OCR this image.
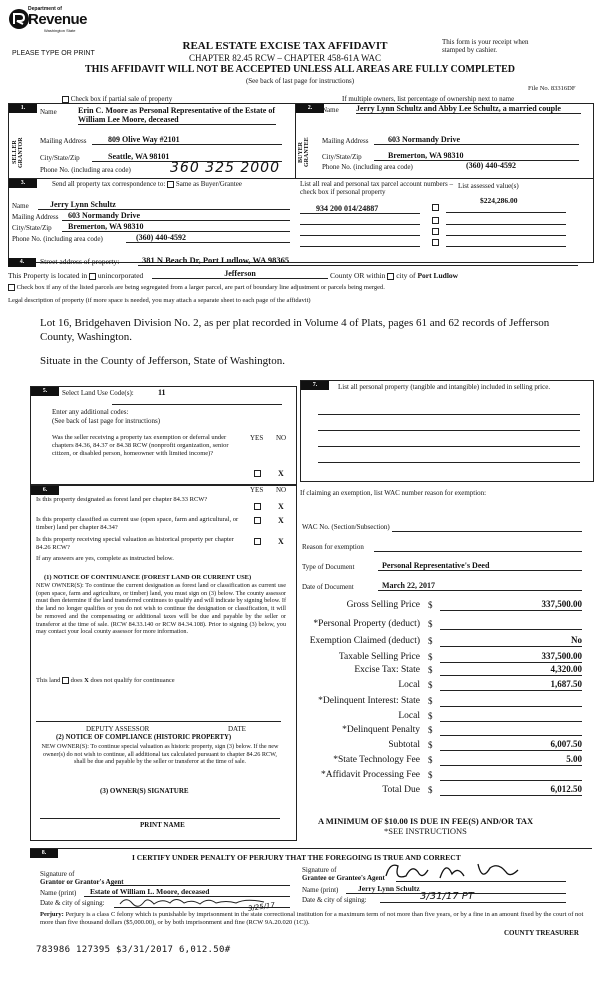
Department of
Revenue
Washington State
PLEASE TYPE OR PRINT
REAL ESTATE EXCISE TAX AFFIDAVIT
CHAPTER 82.45 RCW – CHAPTER 458-61A WAC
THIS AFFIDAVIT WILL NOT BE ACCEPTED UNLESS ALL AREAS ARE FULLY COMPLETED
(See back of last page for instructions)
This form is your receipt when stamped by cashier.
File No. 83316DF
Check box if partial sale of property	If multiple owners, list percentage of ownership next to name
1.
SELLER GRANTOR
Name	Erin C. Moore as Personal Representative of the Estate of William Lee Moore, deceased
Mailing Address	809 Olive Way #2101
City/State/Zip	Seattle, WA 98101
Phone No. (including area code)	360 325 2000
2.
BUYER GRANTEE
Name Jerry Lynn Schultz and Abby Lee Schultz, a married couple
Mailing Address	603 Normandy Drive
City/State/Zip	Bremerton, WA 98310
Phone No. (including area code)	(360) 440-4592
3.	Send all property tax correspondence to: Same as Buyer/Grantee
Name	Jerry Lynn Schultz
Mailing Address	603 Normandy Drive
City/State/Zip	Bremerton, WA 98310
Phone No. (including area code)	(360) 440-4592
List all real and personal tax parcel account numbers – check box if personal property
List assessed value(s)
$224,286.00
934 200 014/24887
4.	Street address of property:	381 N Beach Dr, Port Ludlow, WA 98365
This Property is located in unincorporated	Jefferson	County OR within city of Port Ludlow
Check box if any of the listed parcels are being segregated from a larger parcel, are part of boundary line adjustment or parcels being merged.
Legal description of property (if more space is needed, you may attach a separate sheet to each page of the affidavit)
Lot 16, Bridgehaven Division No. 2, as per plat recorded in Volume 4 of Plats, pages 61 and 62 records of Jefferson County, Washington.
Situate in the County of Jefferson, State of Washington.
5.	Select Land Use Code(s):	11
Enter any additional codes:
(See back of last page for instructions)
YES NO
Was the seller receiving a property tax exemption or deferral under chapters 84.36, 84.37 or 84.38 RCW (nonprofit organization, senior citizen, or disabled person, homeowner with limited income)?
X
6.	YES NO
Is this property designated as forest land per chapter 84.33 RCW?
X
Is this property classified as current use (open space, farm and agricultural, or timber) land per chapter 84.34?
X
Is this property receiving special valuation as historical property per chapter 84.26 RCW?
X
If any answers are yes, complete as instructed below.
(1) NOTICE OF CONTINUANCE (FOREST LAND OR CURRENT USE)
NEW OWNER(S): To continue the current designation as forest land or classification as current use (open space, farm and agriculture, or timber) land, you must sign on (3) below. The county assessor must then determine if the land transferred continues to qualify and will indicate by signing below. If the land no longer qualifies or you do not wish to continue the designation or classification, it will be removed and the compensating or additional taxes will be due and payable by the seller or transferor at the time of sale. (RCW 84.33.140 or RCW 84.34.108). Prior to signing (3) below, you may contact your local county assessor for more information.
This land does X does not qualify for continuance
DEPUTY ASSESSOR	DATE
(2) NOTICE OF COMPLIANCE (HISTORIC PROPERTY)
NEW OWNER(S): To continue special valuation as historic property, sign (3) below. If the new owner(s) do not wish to continue, all additional tax calculated pursuant to chapter 84.26 RCW, shall be due and payable by the seller or transferor at the time of sale.
(3) OWNER(S) SIGNATURE
PRINT NAME
7.	List all personal property (tangible and intangible) included in selling price.
If claiming an exemption, list WAC number reason for exemption:
WAC No. (Section/Subsection)
Reason for exemption
Type of Document	Personal Representative's Deed
Date of Document	March 22, 2017
Gross Selling Price $	337,500.00
*Personal Property (deduct) $
Exemption Claimed (deduct) $	No
Taxable Selling Price $	337,500.00
Excise Tax: State $	4,320.00
Local $	1,687.50
*Delinquent Interest: State $
Local $
*Delinquent Penalty $
Subtotal $	6,007.50
*State Technology Fee $	5.00
*Affidavit Processing Fee $
Total Due $	6,012.50
A MINIMUM OF $10.00 IS DUE IN FEE(S) AND/OR TAX
*SEE INSTRUCTIONS
8.	I CERTIFY UNDER PENALTY OF PERJURY THAT THE FOREGOING IS TRUE AND CORRECT
Signature of
Grantor or Grantor's Agent
Name (print)	Estate of William L. Moore, deceased
Date & city of signing:	3/25/17
Signature of
Grantee or Grantee's Agent
Name (print)	Jerry Lynn Schultz
Date & city of signing:	3/31/17 PT
Perjury: Perjury is a class C felony which is punishable by imprisonment in the state correctional institution for a maximum term of not more than five years, or by a fine in an amount fixed by the court of not more than five thousand dollars ($5,000.00), or by both imprisonment and fine (RCW 9A.20.020 (1C)).
COUNTY TREASURER
783986 127395 $3/31/2017 6,012.50#
